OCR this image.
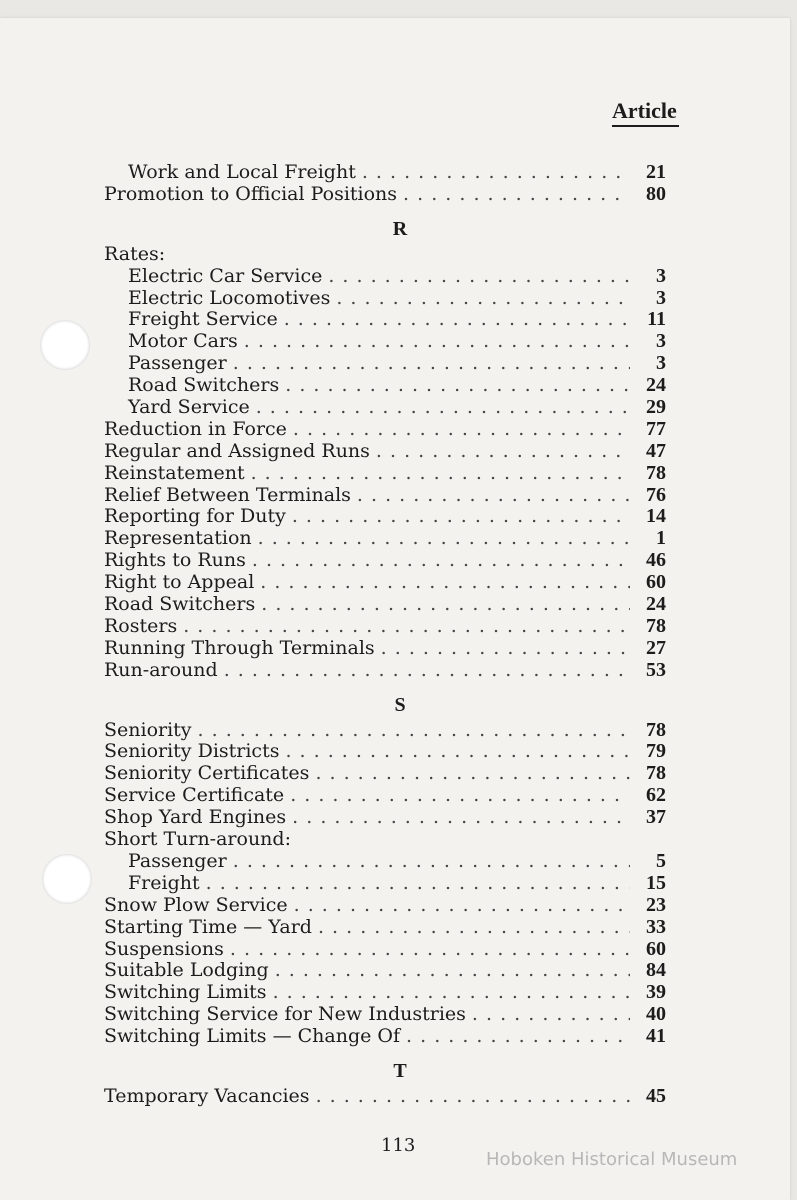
Article
Work and Local Freight . . .	21
Promotion to Official Positions . . .	80
R
Rates:
Electric Car Service . . .	3
Electric Locomotives . . .	3
Freight Service . . .	11
Motor Cars . . .	3
Passenger . . .	3
Road Switchers . . .	24
Yard Service . . .	29
Reduction in Force . . .	77
Regular and Assigned Runs . . .	47
Reinstatement . . .	78
Relief Between Terminals . . .	76
Reporting for Duty . . .	14
Representation . . .	1
Rights to Runs . . .	46
Right to Appeal . . .	60
Road Switchers . . .	24
Rosters . . .	78
Running Through Terminals . . .	27
Run-around . . .	53
S
Seniority . . .	78
Seniority Districts . . .	79
Seniority Certificates . . .	78
Service Certificate . . .	62
Shop Yard Engines . . .	37
Short Turn-around:
Passenger . . .	5
Freight . . .	15
Snow Plow Service . . .	23
Starting Time — Yard . . .	33
Suspensions . . .	60
Suitable Lodging . . .	84
Switching Limits . . .	39
Switching Service for New Industries . . .	40
Switching Limits — Change Of . . .	41
T
Temporary Vacancies . . .	45
113
Hoboken Historical Museum
